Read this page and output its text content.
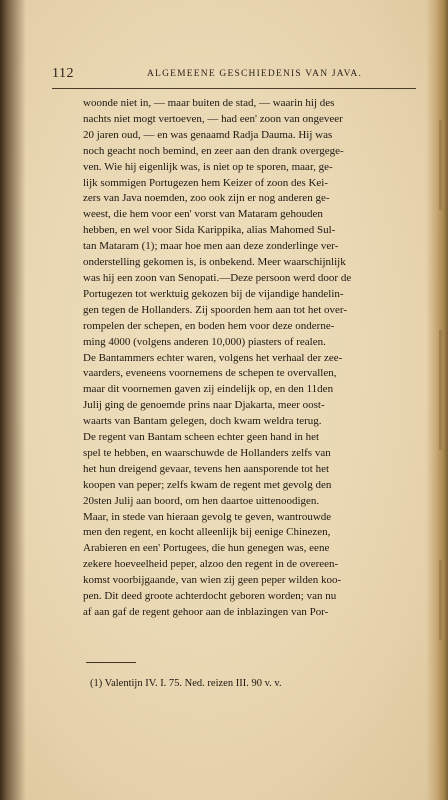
112	ALGEMEENE GESCHIEDENIS VAN JAVA.
woonde niet in, — maar buiten de stad, — waarin hij des
nachts niet mogt vertoeven, — had een' zoon van ongeveer
20 jaren oud, — en was genaamd Radja Dauma. Hij was
noch geacht noch bemind, en zeer aan den drank overgege-
ven. Wie hij eigenlijk was, is niet op te sporen, maar, ge-
lijk sommigen Portugezen hem Keizer of zoon des Kei-
zers van Java noemden, zoo ook zijn er nog anderen ge-
weest, die hem voor een' vorst van Mataram gehouden
hebben, en wel voor Sida Karippika, alias Mahomed Sul-
tan Mataram (1); maar hoe men aan deze zonderlinge ver-
onderstelling gekomen is, is onbekend. Meer waarschijnlijk
was hij een zoon van Senopati.—Deze persoon werd door de
Portugezen tot werktuig gekozen bij de vijandige handelin-
gen tegen de Hollanders. Zij spoorden hem aan tot het over-
rompelen der schepen, en boden hem voor deze onderne-
ming 4000 (volgens anderen 10,000) piasters of realen.
De Bantammers echter waren, volgens het verhaal der zee-
vaarders, eveneens voornemens de schepen te overvallen,
maar dit voornemen gaven zij eindelijk op, en den 11den
Julij ging de genoemde prins naar Djakarta, meer oost-
waarts van Bantam gelegen, doch kwam weldra terug.
De regent van Bantam scheen echter geen hand in het
spel te hebben, en waarschuwde de Hollanders zelfs van
het hun dreigend gevaar, tevens hen aansporende tot het
koopen van peper; zelfs kwam de regent met gevolg den
20sten Julij aan boord, om hen daartoe uittenoodigen.
Maar, in stede van hieraan gevolg te geven, wantrouwde
men den regent, en kocht alleenlijk bij eenige Chinezen,
Arabieren en een' Portugees, die hun genegen was, eene
zekere hoeveelheid peper, alzoo den regent in de overeen-
komst voorbijgaande, van wien zij geen peper wilden koo-
pen. Dit deed groote achterdocht geboren worden; van nu
af aan gaf de regent gehoor aan de inblazingen van Por-
(1) Valentijn IV. I. 75. Ned. reizen III. 90 v. v.
